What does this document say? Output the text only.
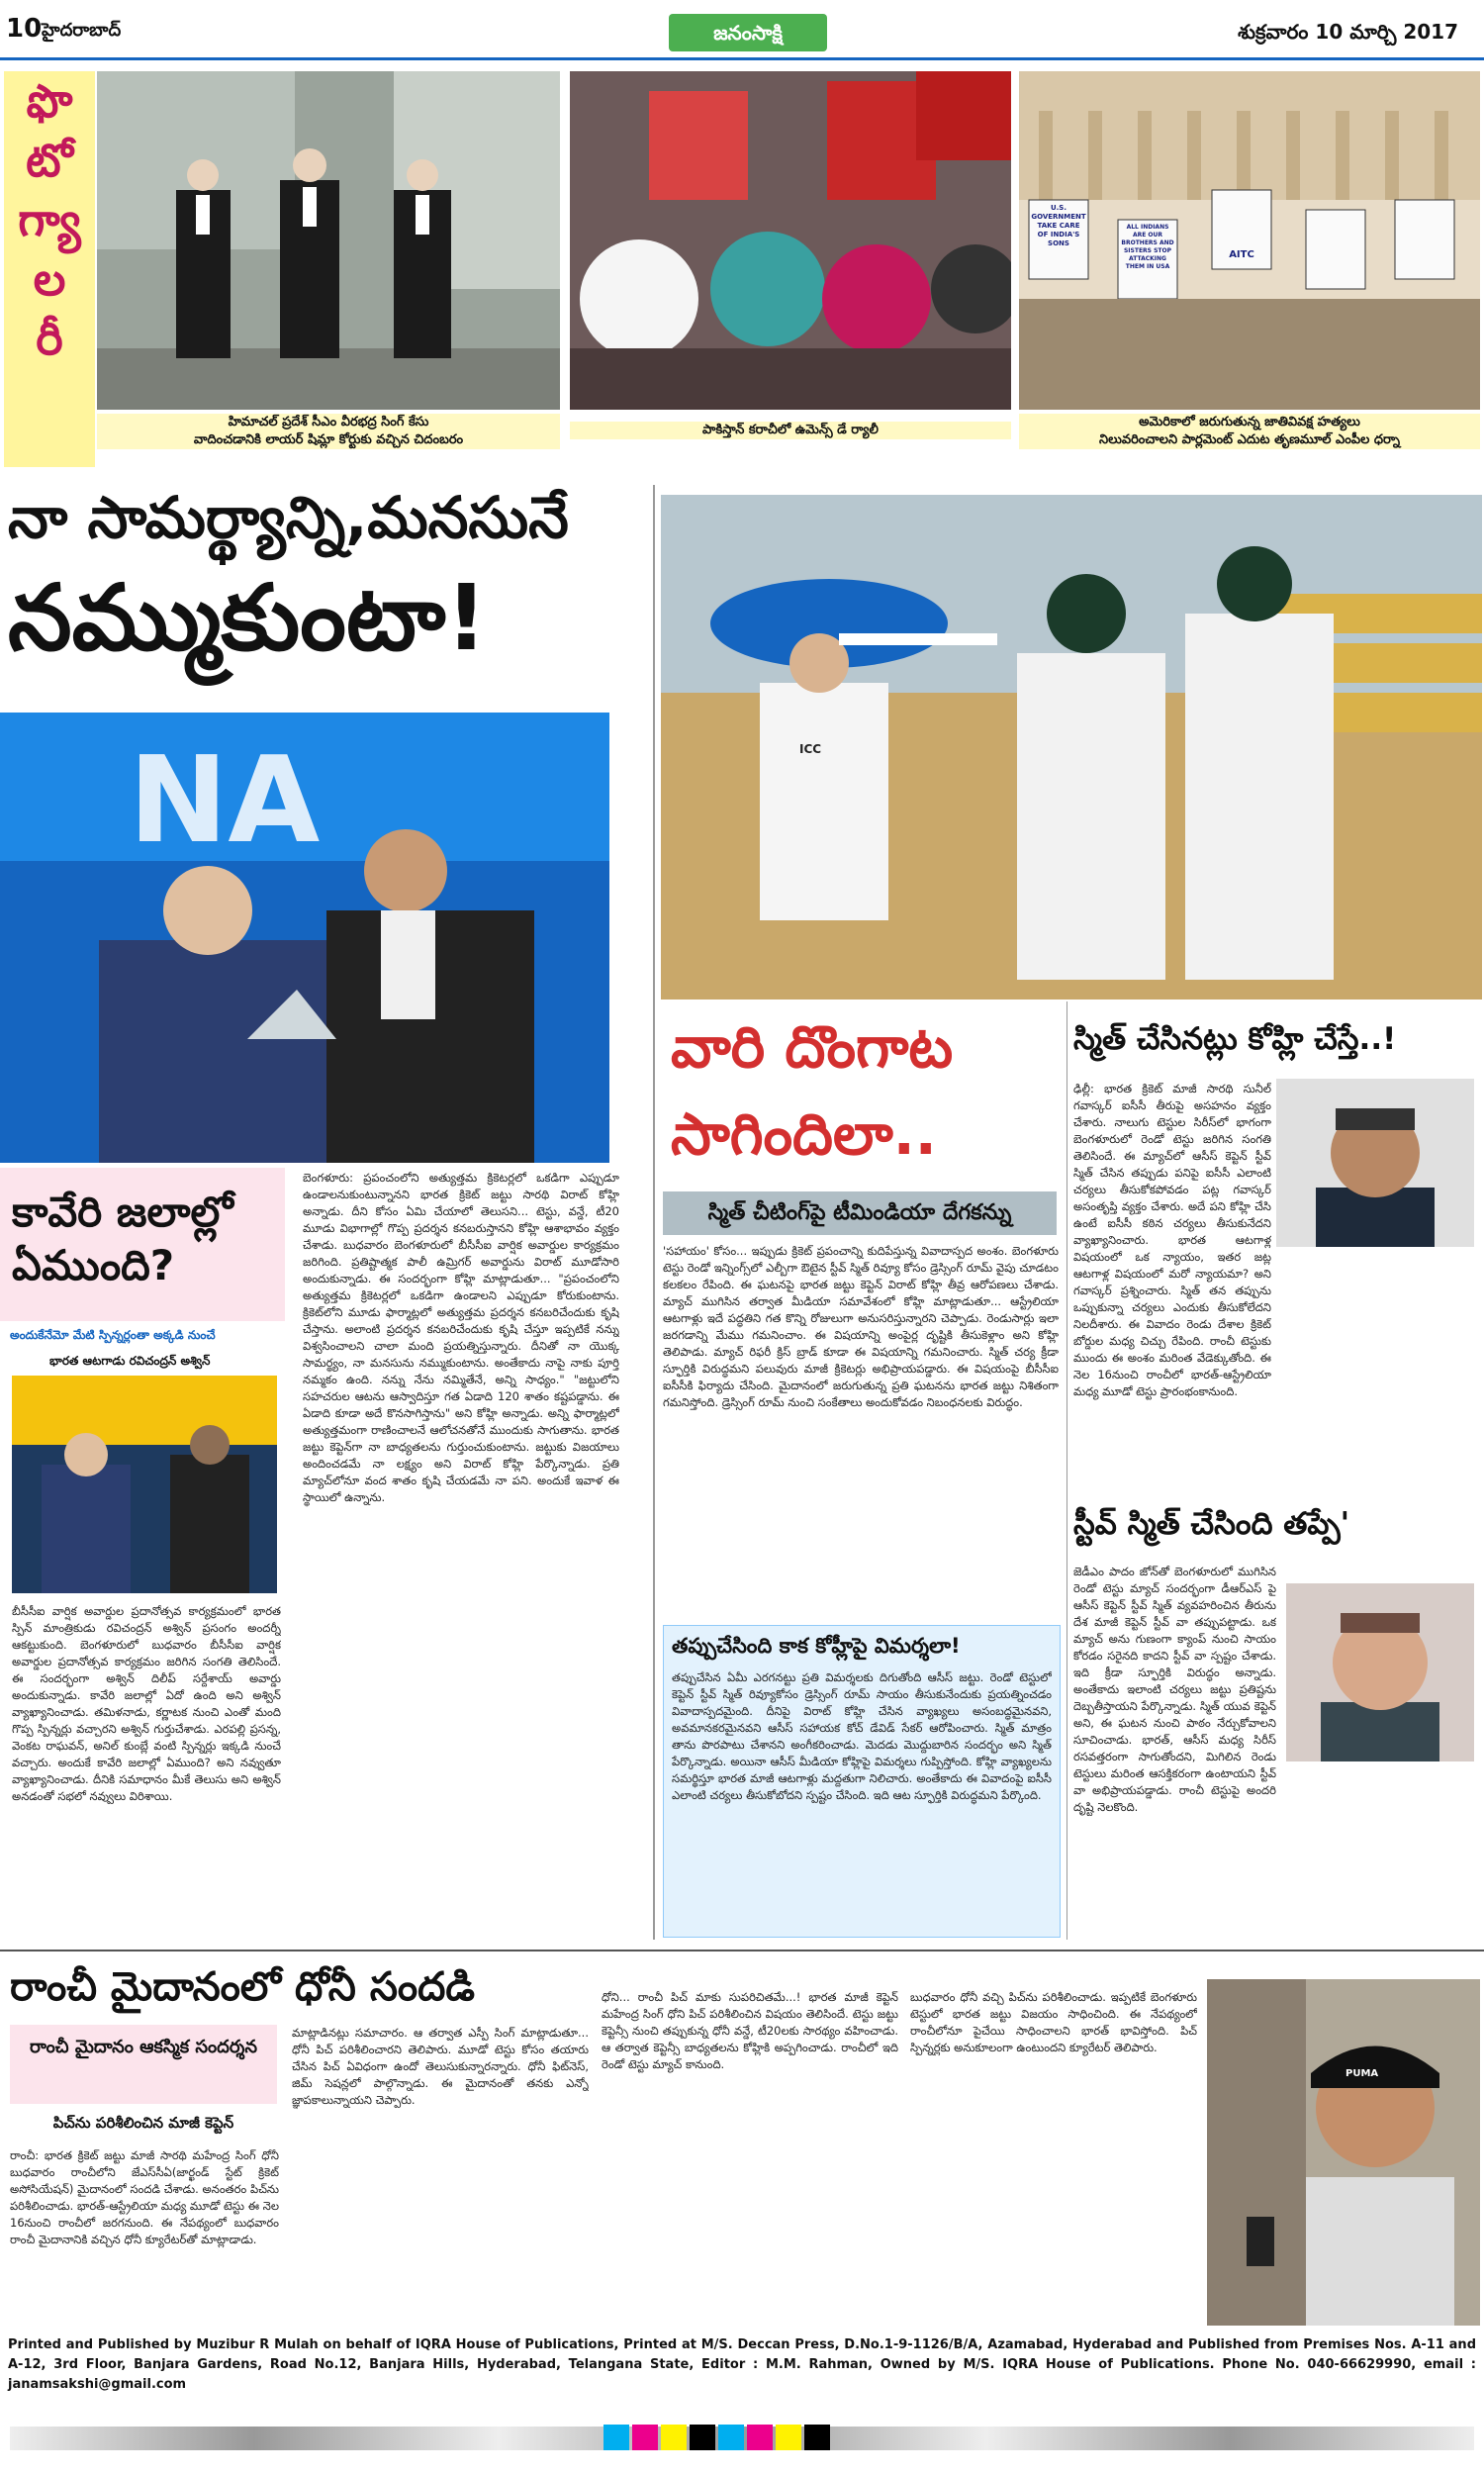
10 హైదరాబాద్	జనంసాక్షి	శుక్రవారం 10 మార్చి 2017
ఫొ
టో
గ్యా
ల
రీ
U.S. GOVERNMENT TAKE CARE OF INDIA'S SONS
ALL INDIANS ARE OUR BROTHERS AND SISTERS STOP ATTACKING THEM IN USA
AITC
హిమాచల్ ప్రదేశ్ సీఎం వీరభద్ర సింగ్ కేసు
వాదించడానికి లాయర్ షిమ్లా కోర్టుకు వచ్చిన చిదంబరం
పాకిస్తాన్ కరాచీలో ఉమెన్స్ డే ర్యాలీ
అమెరికాలో జరుగుతున్న జాతివివక్ష హత్యలు
నిలువరించాలని పార్లమెంట్ ఎదుట తృణమూల్ ఎంపీల ధర్నా
నా సామర్థ్యాన్ని,మనసునే
నమ్ముకుంటా!
NA
కావేరి జలాల్లో ఏముంది?
అందుకేనేమో మేటి స్పిన్నర్లంతా అక్కడి నుంచే
భారత ఆటగాడు రవిచంద్రన్ అశ్విన్
బీసీసీఐ వార్షిక అవార్డుల ప్రదానోత్సవ కార్యక్రమంలో భారత స్పిన్ మాంత్రికుడు రవిచంద్రన్ అశ్విన్ ప్రసంగం అందర్నీ ఆకట్టుకుంది. బెంగళూరులో బుధవారం బీసీసీఐ వార్షిక అవార్డుల ప్రదానోత్సవ కార్యక్రమం జరిగిన సంగతి తెలిసిందే. ఈ సందర్భంగా అశ్విన్ దిలీప్ సర్దేశాయ్ అవార్డు అందుకున్నాడు. కావేరి జలాల్లో ఏదో ఉంది అని అశ్విన్ వ్యాఖ్యానించాడు. తమిళనాడు, కర్ణాటక నుంచి ఎంతో మంది గొప్ప స్పిన్నర్లు వచ్చారని అశ్విన్ గుర్తుచేశాడు. ఎరపల్లి ప్రసన్న, వెంకట రాఘవన్, అనిల్ కుంబ్లే వంటి స్పిన్నర్లు ఇక్కడి నుంచే వచ్చారు. అందుకే కావేరి జలాల్లో ఏముంది? అని నవ్వుతూ వ్యాఖ్యానించాడు. దీనికి సమాధానం మీకే తెలుసు అని అశ్విన్ అనడంతో సభలో నవ్వులు విరిశాయి.
బెంగళూరు: ప్రపంచంలోని అత్యుత్తమ క్రికెటర్లలో ఒకడిగా ఎప్పుడూ ఉండాలనుకుంటున్నానని భారత క్రికెట్ జట్టు సారథి విరాట్ కోహ్లి అన్నాడు. దీని కోసం ఏమి చేయాలో తెలుసని... టెస్టు, వన్డే, టీ20 మూడు విభాగాల్లో గొప్ప ప్రదర్శన కనబరుస్తానని కోహ్లి ఆశాభావం వ్యక్తం చేశాడు. బుధవారం బెంగళూరులో బీసీసీఐ వార్షిక అవార్డుల కార్యక్రమం జరిగింది. ప్రతిష్టాత్మక పాలీ ఉమ్రిగర్ అవార్డును విరాట్ మూడోసారి అందుకున్నాడు. ఈ సందర్భంగా కోహ్లి మాట్లాడుతూ... "ప్రపంచంలోని అత్యుత్తమ క్రికెటర్లలో ఒకడిగా ఉండాలని ఎప్పుడూ కోరుకుంటాను. క్రికెట్‌లోని మూడు ఫార్మాట్లలో అత్యుత్తమ ప్రదర్శన కనబరిచేందుకు కృషి చేస్తాను. అలాంటి ప్రదర్శన కనబరిచేందుకు కృషి చేస్తూ ఇప్పటికే నన్ను విశ్వసించాలని చాలా మంది ప్రయత్నిస్తున్నారు. దీనితో నా యొక్క సామర్థ్యం, నా మనసును నమ్ముకుంటాను. అంతేకాదు నాపై నాకు పూర్తి నమ్మకం ఉంది. నన్ను నేను నమ్మితేనే, అన్ని సాధ్యం." "జట్టులోని సహచరుల ఆటను ఆస్వాదిస్తూ గత ఏడాది 120 శాతం కష్టపడ్డాను. ఈ ఏడాది కూడా అదే కొనసాగిస్తాను" అని కోహ్లి అన్నాడు. అన్ని ఫార్మాట్లలో అత్యుత్తమంగా రాణించాలనే ఆలోచనతోనే ముందుకు సాగుతాను. భారత జట్టు కెప్టెన్‌గా నా బాధ్యతలను గుర్తుంచుకుంటాను. జట్టుకు విజయాలు అందించడమే నా లక్ష్యం అని విరాట్ కోహ్లి పేర్కొన్నాడు. ప్రతి మ్యాచ్‌లోనూ వంద శాతం కృషి చేయడమే నా పని. అందుకే ఇవాళ ఈ స్థాయిలో ఉన్నాను.
ICC
వారి దొంగాట
సాగిందిలా..
స్మిత్ చీటింగ్‌పై టీమిండియా దేగకన్ను
'సహాయం' కోసం... ఇప్పుడు క్రికెట్ ప్రపంచాన్ని కుదిపేస్తున్న వివాదాస్పద అంశం. బెంగళూరు టెస్టు రెండో ఇన్నింగ్స్‌లో ఎల్బీగా ఔటైన స్టీవ్ స్మిత్ రివ్యూ కోసం డ్రెస్సింగ్ రూమ్ వైపు చూడటం కలకలం రేపింది. ఈ ఘటనపై భారత జట్టు కెప్టెన్ విరాట్ కోహ్లి తీవ్ర ఆరోపణలు చేశాడు. మ్యాచ్ ముగిసిన తర్వాత మీడియా సమావేశంలో కోహ్లి మాట్లాడుతూ... ఆస్ట్రేలియా ఆటగాళ్లు ఇదే పద్ధతిని గత కొన్ని రోజులుగా అనుసరిస్తున్నారని చెప్పాడు. రెండుసార్లు ఇలా జరగడాన్ని మేము గమనించాం. ఈ విషయాన్ని అంపైర్ల దృష్టికి తీసుకెళ్లాం అని కోహ్లి తెలిపాడు. మ్యాచ్ రిఫరీ క్రిస్ బ్రాడ్ కూడా ఈ విషయాన్ని గమనించారు. స్మిత్ చర్య క్రీడా స్ఫూర్తికి విరుద్ధమని పలువురు మాజీ క్రికెటర్లు అభిప్రాయపడ్డారు. ఈ విషయంపై బీసీసీఐ ఐసీసీకి ఫిర్యాదు చేసింది. మైదానంలో జరుగుతున్న ప్రతి ఘటనను భారత జట్టు నిశితంగా గమనిస్తోంది. డ్రెస్సింగ్ రూమ్ నుంచి సంకేతాలు అందుకోవడం నిబంధనలకు విరుద్ధం.
తప్పుచేసింది కాక కోహ్లీపై విమర్శలా!
తప్పుచేసిన ఏమీ ఎరగనట్టు ప్రతి విమర్శలకు దిగుతోంది ఆసీస్ జట్టు. రెండో టెస్టులో కెప్టెన్ స్టీవ్ స్మిత్ రివ్యూకోసం డ్రెస్సింగ్ రూమ్ సాయం తీసుకునేందుకు ప్రయత్నించడం వివాదాస్పదమైంది. దీనిపై విరాట్ కోహ్లి చేసిన వ్యాఖ్యలు అసంబద్ధమైనవని, అవమానకరమైనవని ఆసీస్ సహాయక కోచ్ డేవిడ్ సేకర్ ఆరోపించారు. స్మిత్ మాత్రం తాను పొరపాటు చేశానని అంగీకరించాడు. మెదడు మొద్దుబారిన సందర్భం అని స్మిత్ పేర్కొన్నాడు. అయినా ఆసీస్ మీడియా కోహ్లిపై విమర్శలు గుప్పిస్తోంది. కోహ్లి వ్యాఖ్యలను సమర్థిస్తూ భారత మాజీ ఆటగాళ్లు మద్దతుగా నిలిచారు. అంతేకాదు ఈ వివాదంపై ఐసీసీ ఎలాంటి చర్యలు తీసుకోబోదని స్పష్టం చేసింది. ఇది ఆట స్ఫూర్తికి విరుద్ధమని పేర్కొంది.
స్మిత్ చేసినట్లు కోహ్లి చేస్తే..!
ఢిల్లీ: భారత క్రికెట్ మాజీ సారథి సునీల్ గవాస్కర్ ఐసీసీ తీరుపై అసహనం వ్యక్తం చేశారు. నాలుగు టెస్టుల సిరీస్‌లో భాగంగా బెంగళూరులో రెండో టెస్టు జరిగిన సంగతి తెలిసిందే. ఈ మ్యాచ్‌లో ఆసీస్ కెప్టెన్ స్టీవ్ స్మిత్ చేసిన తప్పుడు పనిపై ఐసీసీ ఎలాంటి చర్యలు తీసుకోకపోవడం పట్ల గవాస్కర్ అసంతృప్తి వ్యక్తం చేశారు. అదే పని కోహ్లి చేసి ఉంటే ఐసీసీ కఠిన చర్యలు తీసుకునేదని వ్యాఖ్యానించారు. భారత ఆటగాళ్ల విషయంలో ఒక న్యాయం, ఇతర జట్ల ఆటగాళ్ల విషయంలో మరో న్యాయమా? అని గవాస్కర్ ప్రశ్నించారు. స్మిత్ తన తప్పును ఒప్పుకున్నా చర్యలు ఎందుకు తీసుకోలేదని నిలదీశారు. ఈ వివాదం రెండు దేశాల క్రికెట్ బోర్డుల మధ్య చిచ్చు రేపింది. రాంచీ టెస్టుకు ముందు ఈ అంశం మరింత వేడెక్కుతోంది. ఈ నెల 16నుంచి రాంచీలో భారత్-ఆస్ట్రేలియా మధ్య మూడో టెస్టు ప్రారంభంకానుంది.
స్టీవ్ స్మిత్ చేసింది తప్పే'
జెడీఎం పాదం జోన్‌తో బెంగళూరులో ముగిసిన రెండో టెస్టు మ్యాచ్ సందర్భంగా డీఆర్‌ఎస్ పై ఆసీస్ కెప్టెన్ స్టీవ్ స్మిత్ వ్యవహరించిన తీరును దేశ మాజీ కెప్టెన్ స్టీవ్ వా తప్పుపట్టాడు. ఒక మ్యాచ్ అను గుణంగా క్యాంప్ నుంచి సాయం కోరడం సరైనది కాదని స్టీవ్ వా స్పష్టం చేశాడు. ఇది క్రీడా స్ఫూర్తికి విరుద్ధం అన్నాడు. అంతేకాదు ఇలాంటి చర్యలు జట్టు ప్రతిష్టను దెబ్బతీస్తాయని పేర్కొన్నాడు. స్మిత్ యువ కెప్టెన్ అని, ఈ ఘటన నుంచి పాఠం నేర్చుకోవాలని సూచించాడు. భారత్, ఆసీస్ మధ్య సిరీస్ రసవత్తరంగా సాగుతోందని, మిగిలిన రెండు టెస్టులు మరింత ఆసక్తికరంగా ఉంటాయని స్టీవ్ వా అభిప్రాయపడ్డాడు. రాంచీ టెస్టుపై అందరి దృష్టి నెలకొంది.
రాంచీ మైదానంలో ధోనీ సందడి
రాంచీ మైదానం ఆకస్మిక సందర్శన
పిచ్‌ను పరిశీలించిన మాజీ కెప్టెన్
రాంచీ: భారత క్రికెట్ జట్టు మాజీ సారథి మహేంద్ర సింగ్ ధోనీ బుధవారం రాంచీలోని జేఎస్‌సీఏ(జార్ఖండ్ స్టేట్ క్రికెట్ అసోసియేషన్) మైదానంలో సందడి చేశాడు. అనంతరం పిచ్‌ను పరిశీలించాడు. భారత్-ఆస్ట్రేలియా మధ్య మూడో టెస్టు ఈ నెల 16నుంచి రాంచీలో జరగనుంది. ఈ నేపథ్యంలో బుధవారం రాంచీ మైదానానికి వచ్చిన ధోనీ క్యూరేటర్‌తో మాట్లాడాడు.
మాట్లాడినట్లు సమాచారం. ఆ తర్వాత ఎస్పీ సింగ్ మాట్లాడుతూ... ధోనీ పిచ్ పరిశీలించారని తెలిపారు. మూడో టెస్టు కోసం తయారు చేసిన పిచ్ ఏవిధంగా ఉందో తెలుసుకున్నారన్నారు. ధోనీ ఫిట్‌నెస్, జిమ్ సెషన్లలో పాల్గొన్నాడు. ఈ మైదానంతో తనకు ఎన్నో జ్ఞాపకాలున్నాయని చెప్పారు.
ధోని... రాంచీ పిచ్ మాకు సుపరిచితమే...! భారత మాజీ కెప్టెన్ మహేంద్ర సింగ్ ధోని పిచ్ పరిశీలించిన విషయం తెలిసిందే. టెస్టు జట్టు కెప్టెన్సీ నుంచి తప్పుకున్న ధోనీ వన్డే, టీ20లకు సారథ్యం వహించాడు. ఆ తర్వాత కెప్టెన్సీ బాధ్యతలను కోహ్లికి అప్పగించాడు. రాంచీలో ఇది రెండో టెస్టు మ్యాచ్ కానుంది.
బుధవారం ధోనీ వచ్చి పిచ్‌ను పరిశీలించాడు. ఇప్పటికే బెంగళూరు టెస్టులో భారత జట్టు విజయం సాధించింది. ఈ నేపథ్యంలో రాంచీలోనూ పైచేయి సాధించాలని భారత్ భావిస్తోంది. పిచ్ స్పిన్నర్లకు అనుకూలంగా ఉంటుందని క్యూరేటర్ తెలిపారు.
PUMA
Printed and Published by Muzibur R Mulah on behalf of IQRA House of Publications, Printed at M/S. Deccan Press, D.No.1-9-1126/B/A, Azamabad, Hyderabad and Published from Premises Nos. A-11 and A-12, 3rd Floor, Banjara Gardens, Road No.12, Banjara Hills, Hyderabad, Telangana State, Editor : M.M. Rahman, Owned by M/S. IQRA House of Publications. Phone No. 040-66629990, email : janamsakshi@gmail.com
